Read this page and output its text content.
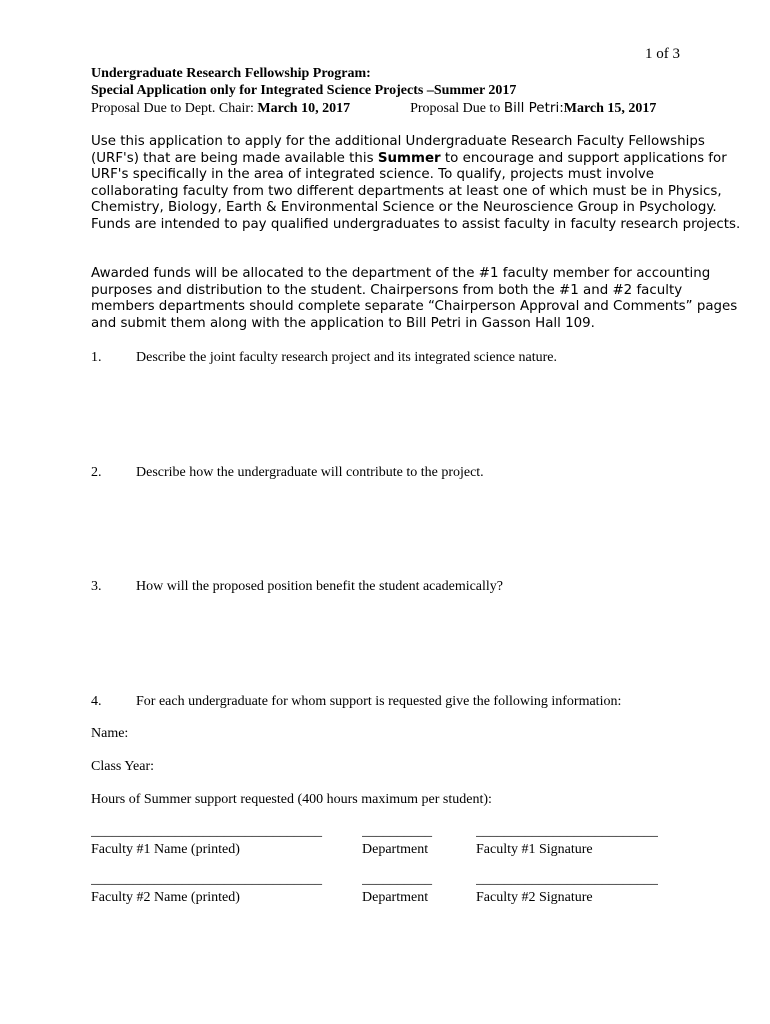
1 of 3
Undergraduate Research Fellowship Program:
Special Application only for Integrated Science Projects –Summer 2017
Proposal Due to Dept. Chair: March 10, 2017	Proposal Due to Bill Petri:March 15, 2017

Use this application to apply for the additional Undergraduate Research Faculty Fellowships (URF's) that are being made available this Summer to encourage and support applications for URF's specifically in the area of integrated science. To qualify, projects must involve collaborating faculty from two different departments at least one of which must be in Physics, Chemistry, Biology, Earth & Environmental Science or the Neuroscience Group in Psychology. Funds are intended to pay qualified undergraduates to assist faculty in faculty research projects.

Awarded funds will be allocated to the department of the #1 faculty member for accounting purposes and distribution to the student. Chairpersons from both the #1 and #2 faculty members departments should complete separate “Chairperson Approval and Comments” pages and submit them along with the application to Bill Petri in Gasson Hall 109.

1. Describe the joint faculty research project and its integrated science nature.
2. Describe how the undergraduate will contribute to the project.
3. How will the proposed position benefit the student academically?
4. For each undergraduate for whom support is requested give the following information:
Name:
Class Year:
Hours of Summer support requested (400 hours maximum per student):
_________________________________	__________	__________________________
Faculty #1 Name (printed)	Department	Faculty #1 Signature
_________________________________	__________	__________________________
Faculty #2 Name (printed)	Department	Faculty #2 Signature
